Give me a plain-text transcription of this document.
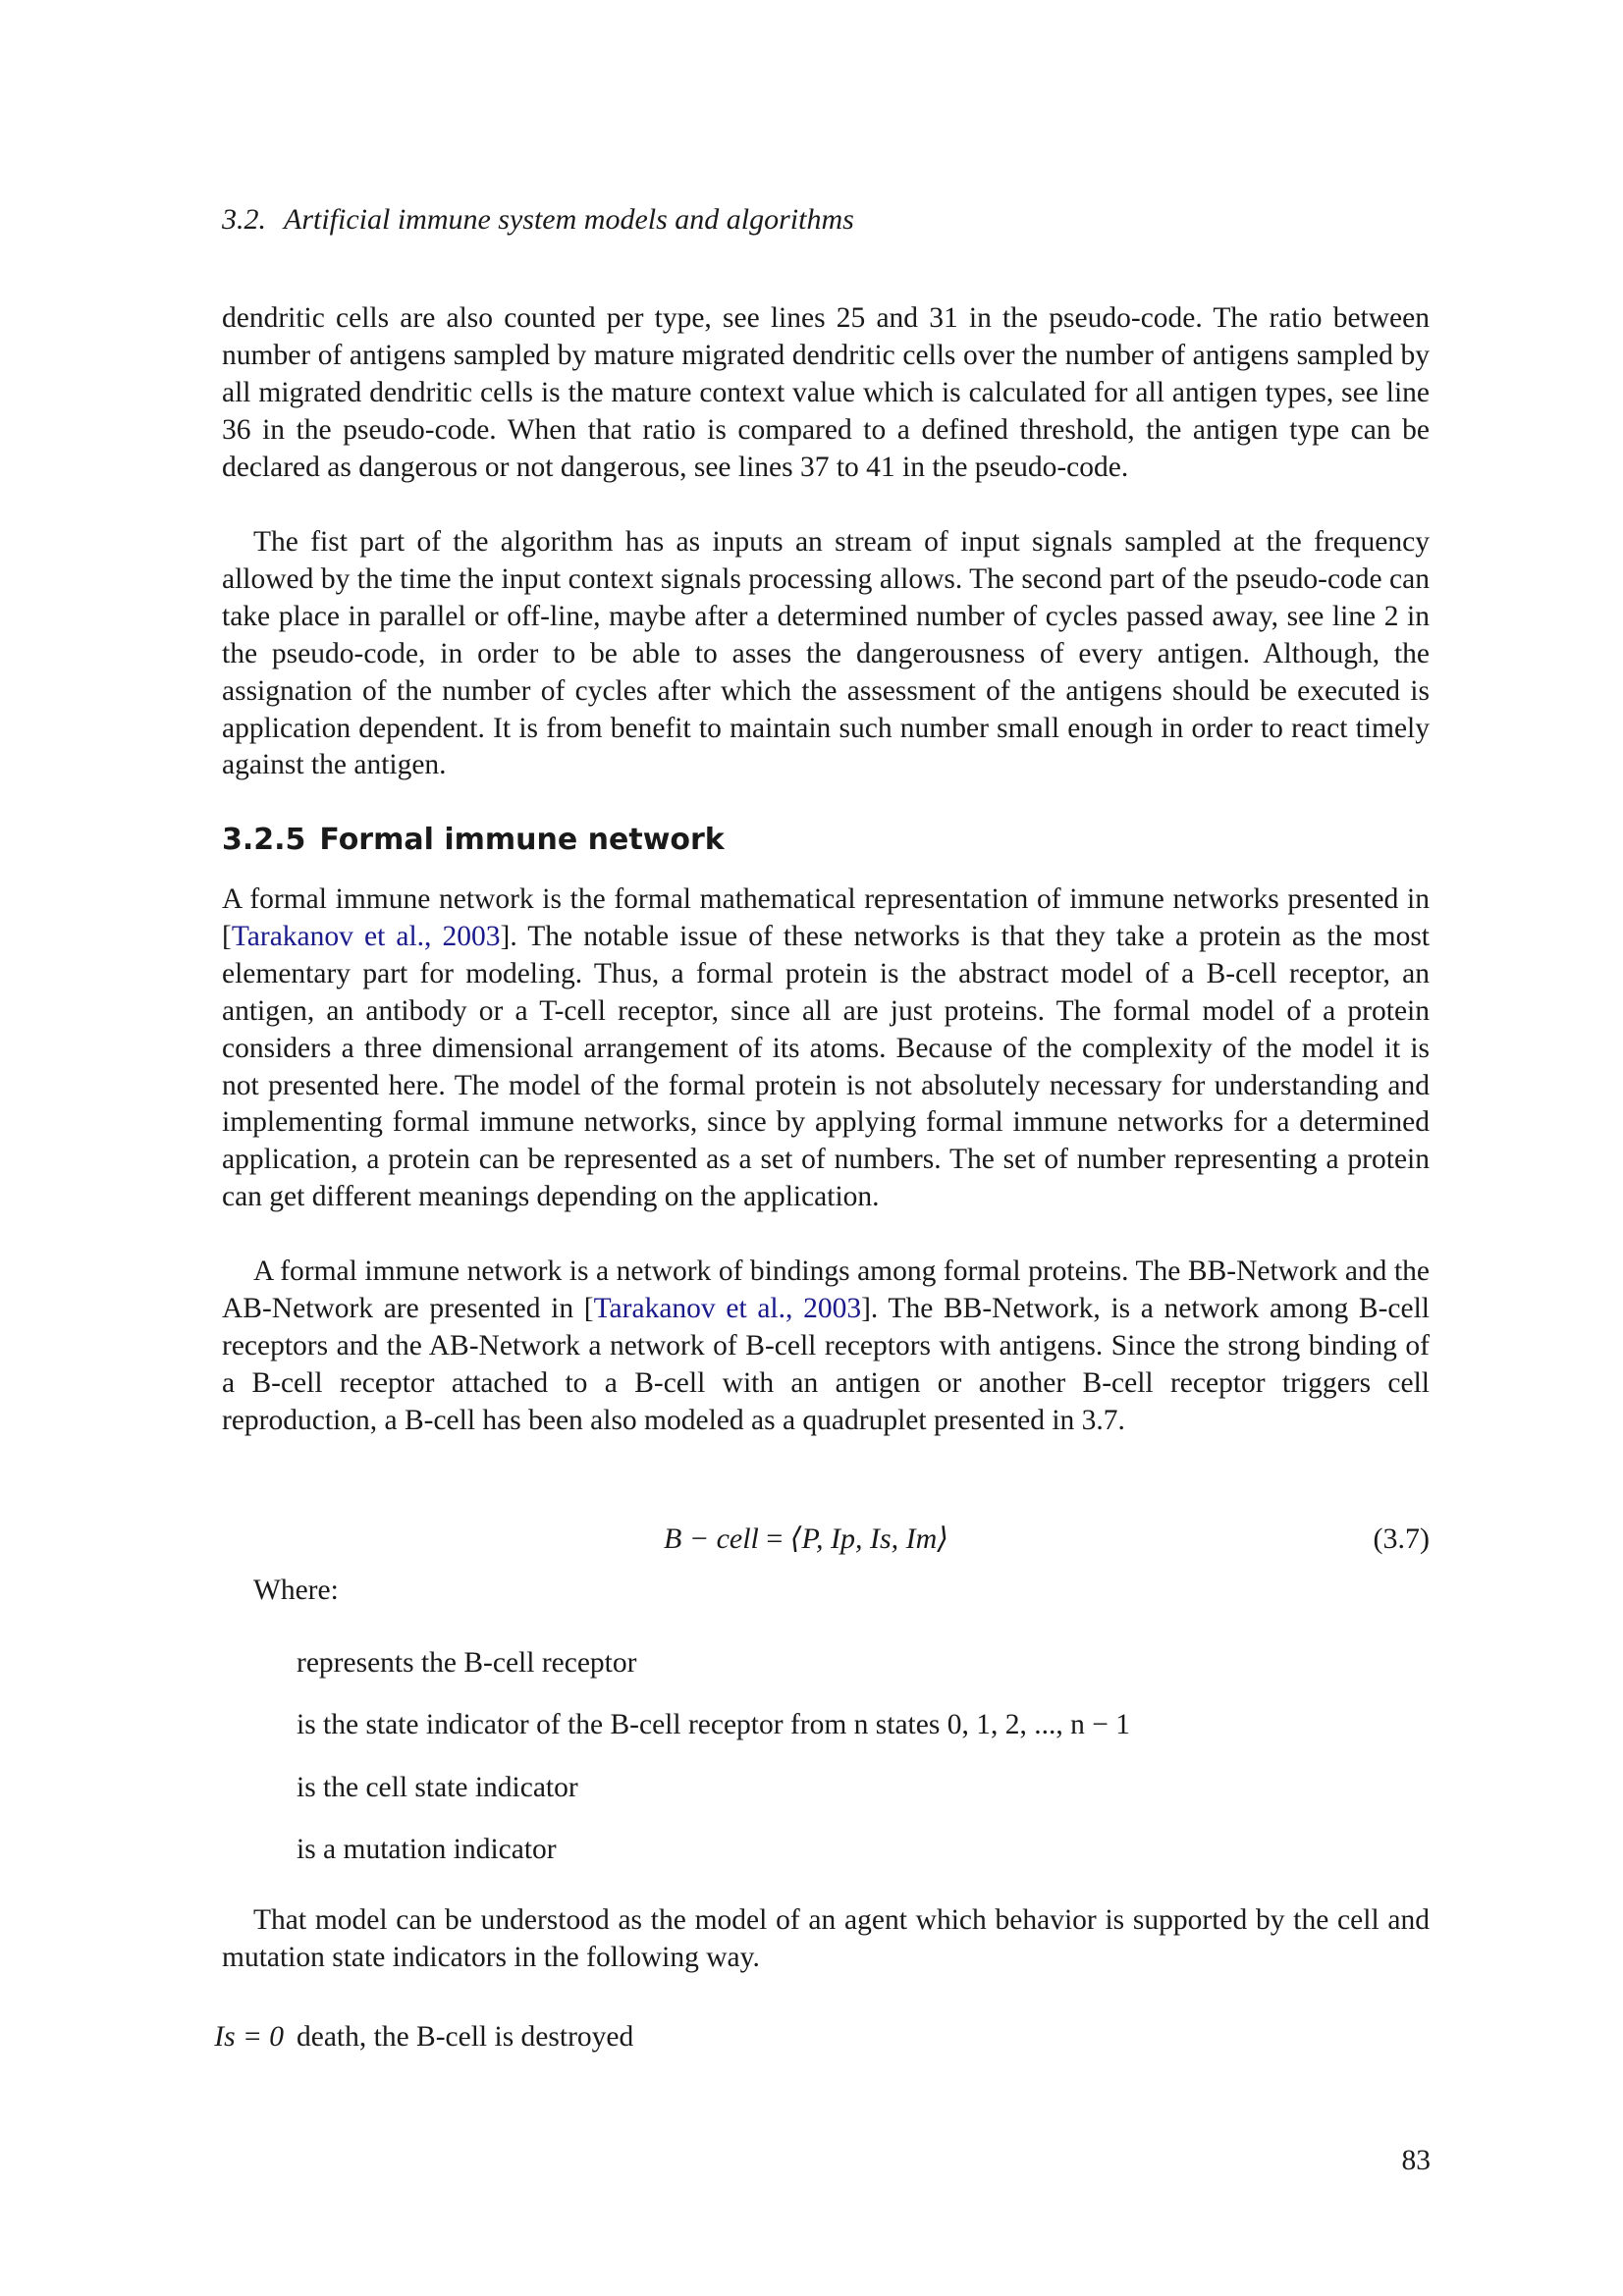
3.2. Artificial immune system models and algorithms

dendritic cells are also counted per type, see lines 25 and 31 in the pseudo-code. The ratio between number of antigens sampled by mature migrated dendritic cells over the number of antigens sampled by all migrated dendritic cells is the mature context value which is calculated for all antigen types, see line 36 in the pseudo-code. When that ratio is compared to a defined threshold, the antigen type can be declared as dangerous or not dangerous, see lines 37 to 41 in the pseudo-code.

The fist part of the algorithm has as inputs an stream of input signals sampled at the frequency allowed by the time the input context signals processing allows. The second part of the pseudo-code can take place in parallel or off-line, maybe after a determined number of cycles passed away, see line 2 in the pseudo-code, in order to be able to asses the dangerousness of every antigen. Although, the assignation of the number of cycles after which the assessment of the antigens should be executed is application dependent. It is from benefit to maintain such number small enough in order to react timely against the antigen.

3.2.5 Formal immune network

A formal immune network is the formal mathematical representation of immune networks presented in [Tarakanov et al., 2003]. The notable issue of these networks is that they take a protein as the most elementary part for modeling. Thus, a formal protein is the abstract model of a B-cell receptor, an antigen, an antibody or a T-cell receptor, since all are just proteins. The formal model of a protein considers a three dimensional arrangement of its atoms. Because of the complexity of the model it is not presented here. The model of the formal protein is not absolutely necessary for understanding and implementing formal immune networks, since by applying formal immune networks for a determined application, a protein can be represented as a set of numbers. The set of number representing a protein can get different meanings depending on the application.

A formal immune network is a network of bindings among formal proteins. The BB-Network and the AB-Network are presented in [Tarakanov et al., 2003]. The BB-Network, is a network among B-cell receptors and the AB-Network a network of B-cell receptors with antigens. Since the strong binding of a B-cell receptor attached to a B-cell with an antigen or another B-cell receptor triggers cell reproduction, a B-cell has been also modeled as a quadruplet presented in 3.7.

B − cell = ⟨P, Ip, Is, Im⟩	(3.7)
Where:
represents the B-cell receptor
is the state indicator of the B-cell receptor from n states 0, 1, 2, ..., n − 1
is the cell state indicator
is a mutation indicator

That model can be understood as the model of an agent which behavior is supported by the cell and mutation state indicators in the following way.

Is = 0 death, the B-cell is destroyed
83
